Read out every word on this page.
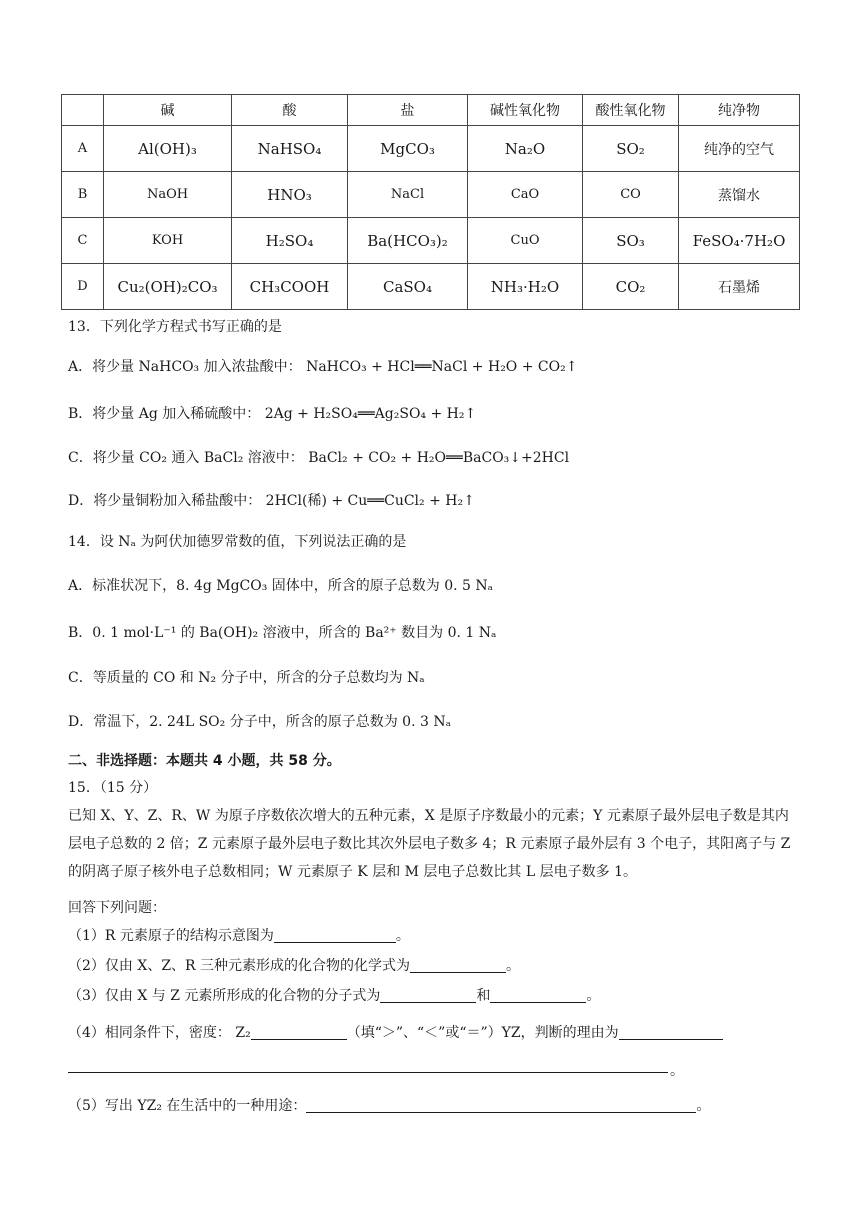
	碱	酸	盐	碱性氧化物	酸性氧化物	纯净物
A	Al(OH)₃	NaHSO₄	MgCO₃	Na₂O	SO₂	纯净的空气
B	NaOH	HNO₃	NaCl	CaO	CO	蒸馏水
C	KOH	H₂SO₄	Ba(HCO₃)₂	CuO	SO₃	FeSO₄·7H₂O
D	Cu₂(OH)₂CO₃	CH₃COOH	CaSO₄	NH₃·H₂O	CO₂	石墨烯
13．下列化学方程式书写正确的是
A．将少量 NaHCO₃ 加入浓盐酸中： NaHCO₃ + HCl══NaCl + H₂O + CO₂↑
B．将少量 Ag 加入稀硫酸中： 2Ag + H₂SO₄══Ag₂SO₄ + H₂↑
C．将少量 CO₂ 通入 BaCl₂ 溶液中： BaCl₂ + CO₂ + H₂O══BaCO₃↓+2HCl
D．将少量铜粉加入稀盐酸中： 2HCl(稀) + Cu══CuCl₂ + H₂↑
14．设 Nₐ 为阿伏加德罗常数的值，下列说法正确的是
A．标准状况下，8. 4g MgCO₃ 固体中，所含的原子总数为 0. 5 Nₐ
B．0. 1 mol·L⁻¹ 的 Ba(OH)₂ 溶液中，所含的 Ba²⁺ 数目为 0. 1 Nₐ
C．等质量的 CO 和 N₂ 分子中，所含的分子总数均为 Nₐ
D．常温下，2. 24L SO₂ 分子中，所含的原子总数为 0. 3 Nₐ
二、非选择题：本题共 4 小题，共 58 分。
15．（15 分）
已知 X、Y、Z、R、W 为原子序数依次增大的五种元素，X 是原子序数最小的元素；Y 元素原子最外层电子数是其内层电子总数的 2 倍；Z 元素原子最外层电子数比其次外层电子数多 4；R 元素原子最外层有 3 个电子，其阳离子与 Z 的阴离子原子核外电子总数相同；W 元素原子 K 层和 M 层电子总数比其 L 层电子数多 1。
回答下列问题：
（1）R 元素原子的结构示意图为	。
（2）仅由 X、Z、R 三种元素形成的化合物的化学式为	。
（3）仅由 X 与 Z 元素所形成的化合物的分子式为	和	。
（4）相同条件下，密度： Z₂	（填“＞”、“＜”或“＝”）YZ，判断的理由为
。
（5）写出 YZ₂ 在生活中的一种用途：	。
